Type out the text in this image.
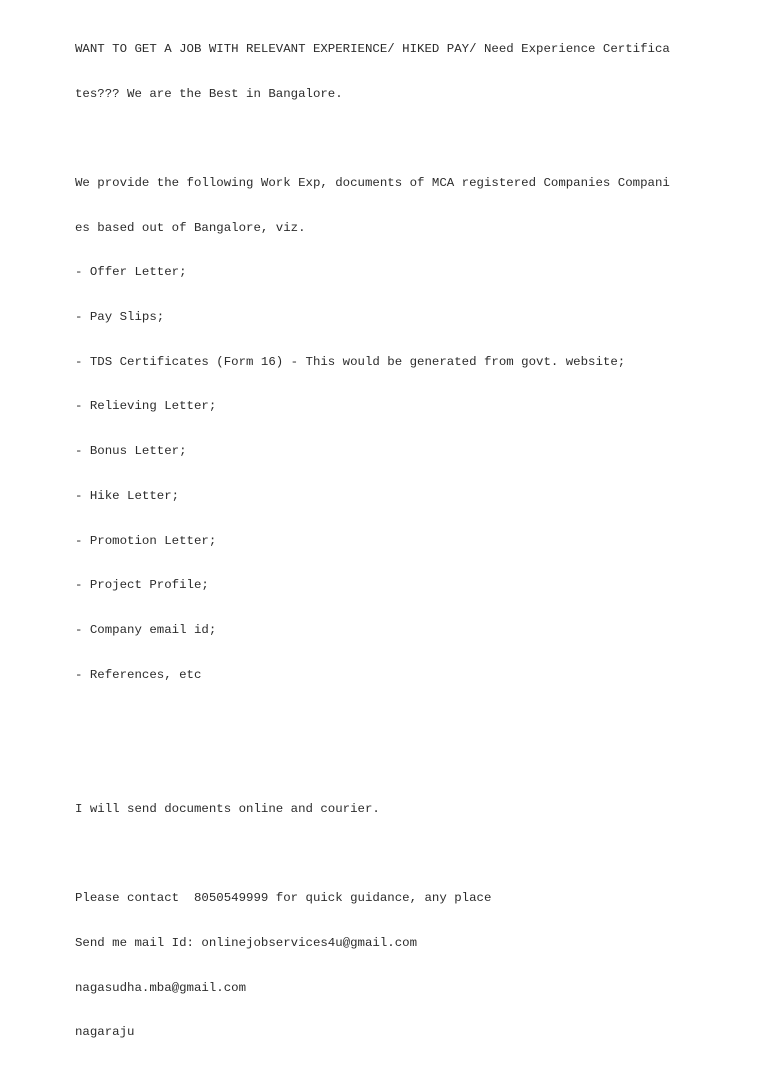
WANT TO GET A JOB WITH RELEVANT EXPERIENCE/ HIKED PAY/ Need Experience Certifica

tes??? We are the Best in Bangalore.

We provide the following Work Exp, documents of MCA registered Companies Compani

es based out of Bangalore, viz.

- Offer Letter;

- Pay Slips;

- TDS Certificates (Form 16) - This would be generated from govt. website;

- Relieving Letter;

- Bonus Letter;

- Hike Letter;

- Promotion Letter;

- Project Profile;

- Company email id;

- References, etc

I will send documents online and courier.

Please contact  8050549999 for quick guidance, any place

Send me mail Id: onlinejobservices4u@gmail.com

nagasudha.mba@gmail.com

nagaraju
